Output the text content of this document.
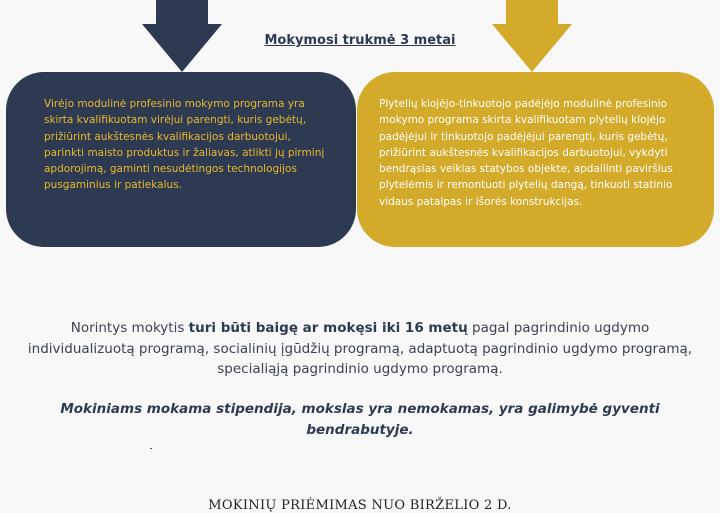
Mokymosi trukmė 3 metai
Virėjo modulinė profesinio mokymo programa yra skirta kvalifikuotam virėjui parengti, kuris gebėtų, prižiūrint aukštesnės kvalifikacijos darbuotojui, parinkti maisto produktus ir žaliavas, atlikti jų pirminį apdorojimą, gaminti nesudėtingos technologijos pusgaminius ir patiekalus.
Plytelių klojėjo-tinkuotojo padėjėjo modulinė profesinio mokymo programa skirta kvalifikuotam plytelių klojėjo padėjėjui ir tinkuotojo padėjėjui parengti, kuris gebėtų, prižiūrint aukštesnės kvalifikacijos darbuotojui, vykdyti bendrąsias veiklas statybos objekte, apdailinti paviršius plytelėmis ir remontuoti plytelių dangą, tinkuoti statinio vidaus patalpas ir išorės konstrukcijas.
Norintys mokytis turi būti baigę ar mokęsi iki 16 metų pagal pagrindinio ugdymo individualizuotą programą, socialinių įgūdžių programą, adaptuotą pagrindinio ugdymo programą, specialiąją pagrindinio ugdymo programą.
Mokiniams mokama stipendija, mokslas yra nemokamas, yra galimybė gyventi bendrabutyje.
MOKINIŲ PRIĖMIMAS NUO BIRŽELIO 2 D.
